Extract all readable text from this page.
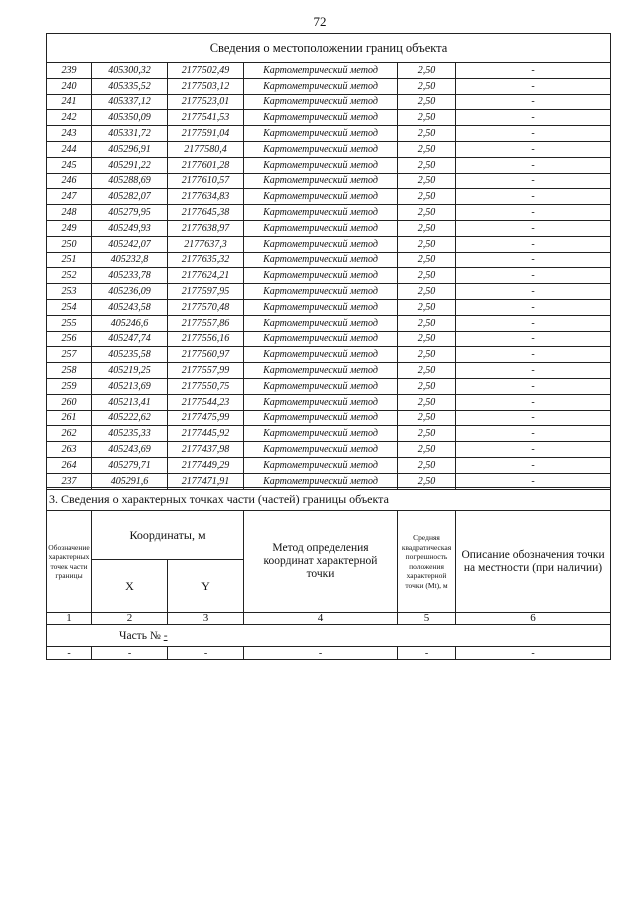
72
Сведения о местоположении границ объекта					
239	405300,32	2177502,49	Картометрический метод	2,50	-
240	405335,52	2177503,12	Картометрический метод	2,50	-
241	405337,12	2177523,01	Картометрический метод	2,50	-
242	405350,09	2177541,53	Картометрический метод	2,50	-
243	405331,72	2177591,04	Картометрический метод	2,50	-
244	405296,91	2177580,4	Картометрический метод	2,50	-
245	405291,22	2177601,28	Картометрический метод	2,50	-
246	405288,69	2177610,57	Картометрический метод	2,50	-
247	405282,07	2177634,83	Картометрический метод	2,50	-
248	405279,95	2177645,38	Картометрический метод	2,50	-
249	405249,93	2177638,97	Картометрический метод	2,50	-
250	405242,07	2177637,3	Картометрический метод	2,50	-
251	405232,8	2177635,32	Картометрический метод	2,50	-
252	405233,78	2177624,21	Картометрический метод	2,50	-
253	405236,09	2177597,95	Картометрический метод	2,50	-
254	405243,58	2177570,48	Картометрический метод	2,50	-
255	405246,6	2177557,86	Картометрический метод	2,50	-
256	405247,74	2177556,16	Картометрический метод	2,50	-
257	405235,58	2177560,97	Картометрический метод	2,50	-
258	405219,25	2177557,99	Картометрический метод	2,50	-
259	405213,69	2177550,75	Картометрический метод	2,50	-
260	405213,41	2177544,23	Картометрический метод	2,50	-
261	405222,62	2177475,99	Картометрический метод	2,50	-
262	405235,33	2177445,92	Картометрический метод	2,50	-
263	405243,69	2177437,98	Картометрический метод	2,50	-
264	405279,71	2177449,29	Картометрический метод	2,50	-
237	405291,6	2177471,91	Картометрический метод	2,50	-
3. Сведения о характерных точках части (частей) границы объекта					
Обозначение характерных точек части границы	Координаты, м		Метод определения координат характерной точки	Средняя квадратическая погрешность положения характерной точки (Мt), м	Описание обозначения точки на местности (при наличии)
	X	Y			
1	2	3	4	5	6
Часть № -					
-	-	-	-	-	-
